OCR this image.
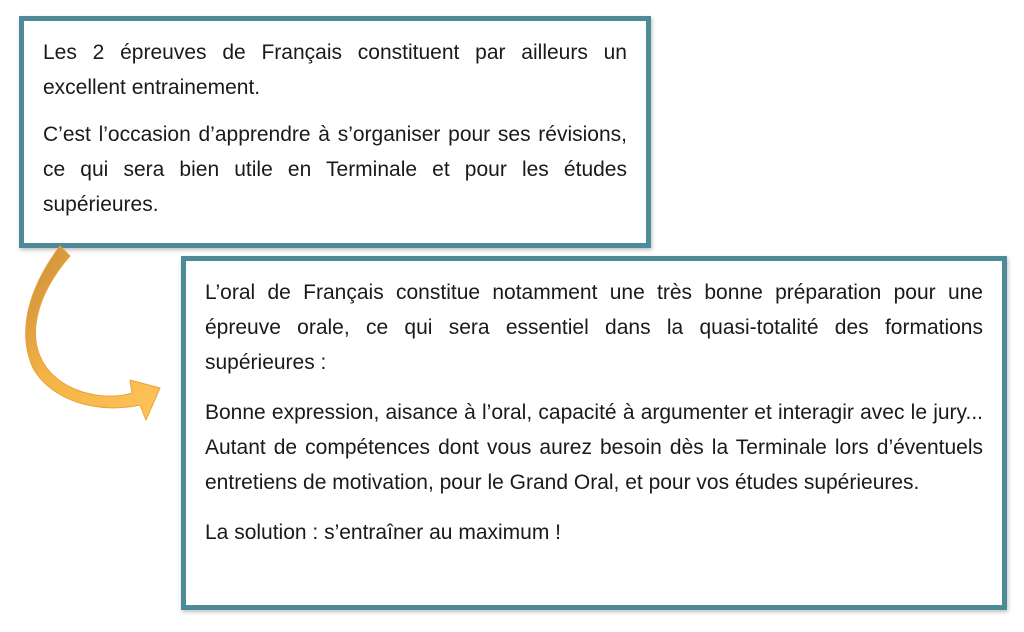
Les 2 épreuves de Français constituent par ailleurs un excellent entrainement.

C’est l’occasion d’apprendre à s’organiser pour ses révisions, ce qui sera bien utile en Terminale et pour les études supérieures.

L’oral de Français constitue notamment une très bonne préparation pour une épreuve orale, ce qui sera essentiel dans la quasi-totalité des formations supérieures :

Bonne expression, aisance à l’oral, capacité à argumenter et interagir avec le jury... Autant de compétences dont vous aurez besoin dès la Terminale lors d’éventuels entretiens de motivation, pour le Grand Oral, et pour vos études supérieures.

La solution : s’entraîner au maximum !
